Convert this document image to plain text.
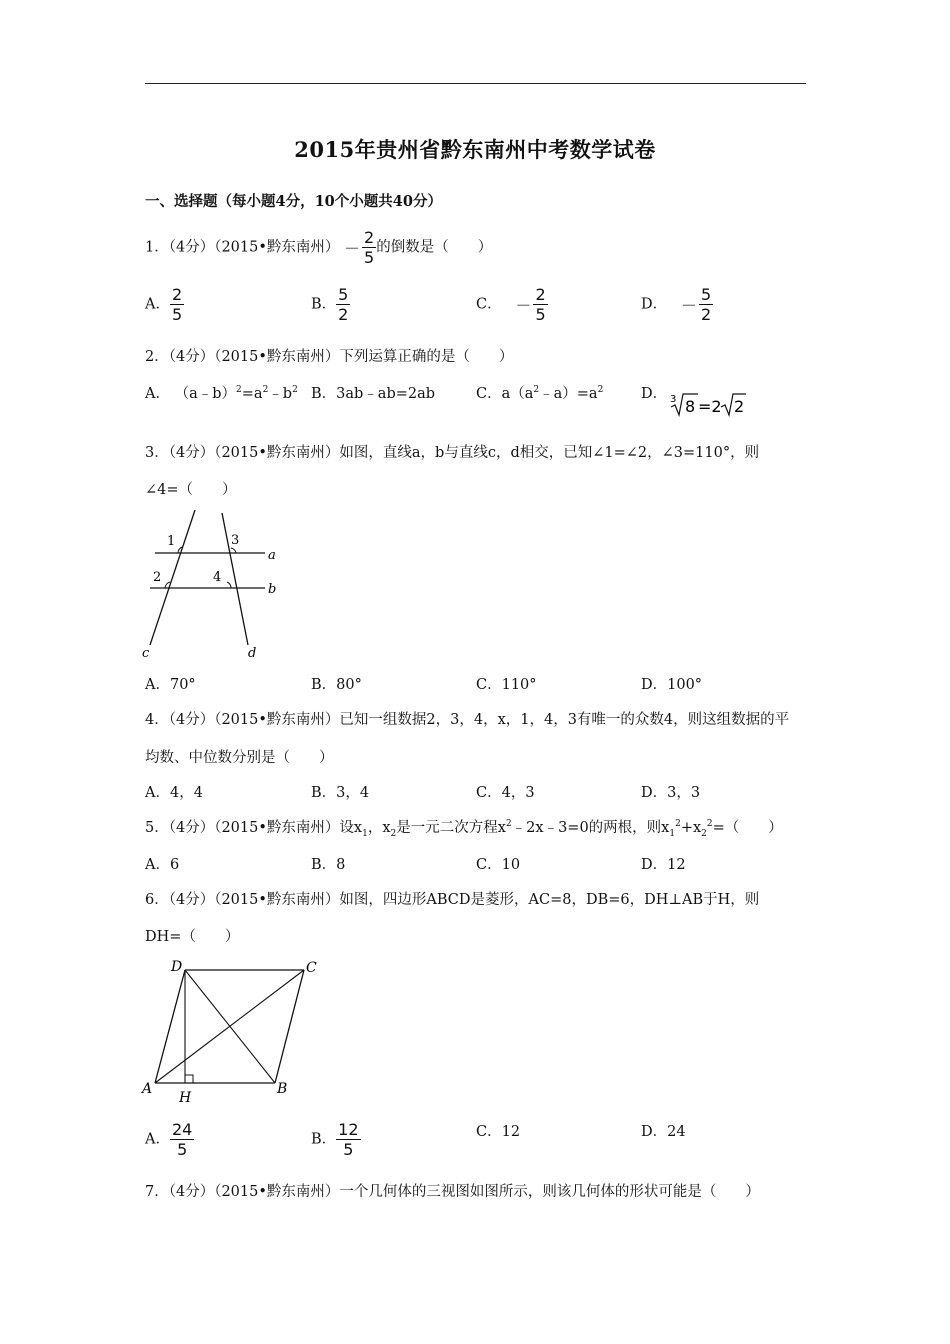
2015年贵州省黔东南州中考数学试卷
一、选择题（每小题4分，10个小题共40分）
1．（4分）（2015•黔东南州） － $\frac{2}{5}$ 的倒数是（　　）
A． $\frac{2}{5}$	B． $\frac{5}{2}$	C． － $\frac{2}{5}$	D． － $\frac{5}{2}$
2．（4分）（2015•黔东南州）下列运算正确的是（　　）
A． $(a﹣b)^2=a^2﹣b^2$ B．3ab﹣ab=2ab	C．$a(a^2﹣a)=a^2$	D． 3 8 =2 2
3．（4分）（2015•黔东南州）如图，直线a，b与直线c，d相交，已知∠1=∠2，∠3=110°，则
∠4=（　　）
1	3
2	4
a
b
c	d
A．70°	B．80°	C．110°	D．100°
4．（4分）（2015•黔东南州）已知一组数据2，3，4，x，1，4，3有唯一的众数4，则这组数据的平
均数、中位数分别是（　　）
A．4，4	B．3，4	C．4，3	D．3，3
5．（4分）（2015•黔东南州）设$x_1$，$x_2$是一元二次方程$x^2﹣2x﹣3=0$的两根，则$x_1^2+x_2^2=$（　　）
A．6	B．8	C．10	D．12
6．（4分）（2015•黔东南州）如图，四边形ABCD是菱形，AC=8，DB=6，DH⊥AB于H，则
DH=（　　）
D	C
A	B
H
A． $\frac{24}{5}$	B． $\frac{12}{5}$	C．12	D．24
7．（4分）（2015•黔东南州）一个几何体的三视图如图所示，则该几何体的形状可能是（　　）
